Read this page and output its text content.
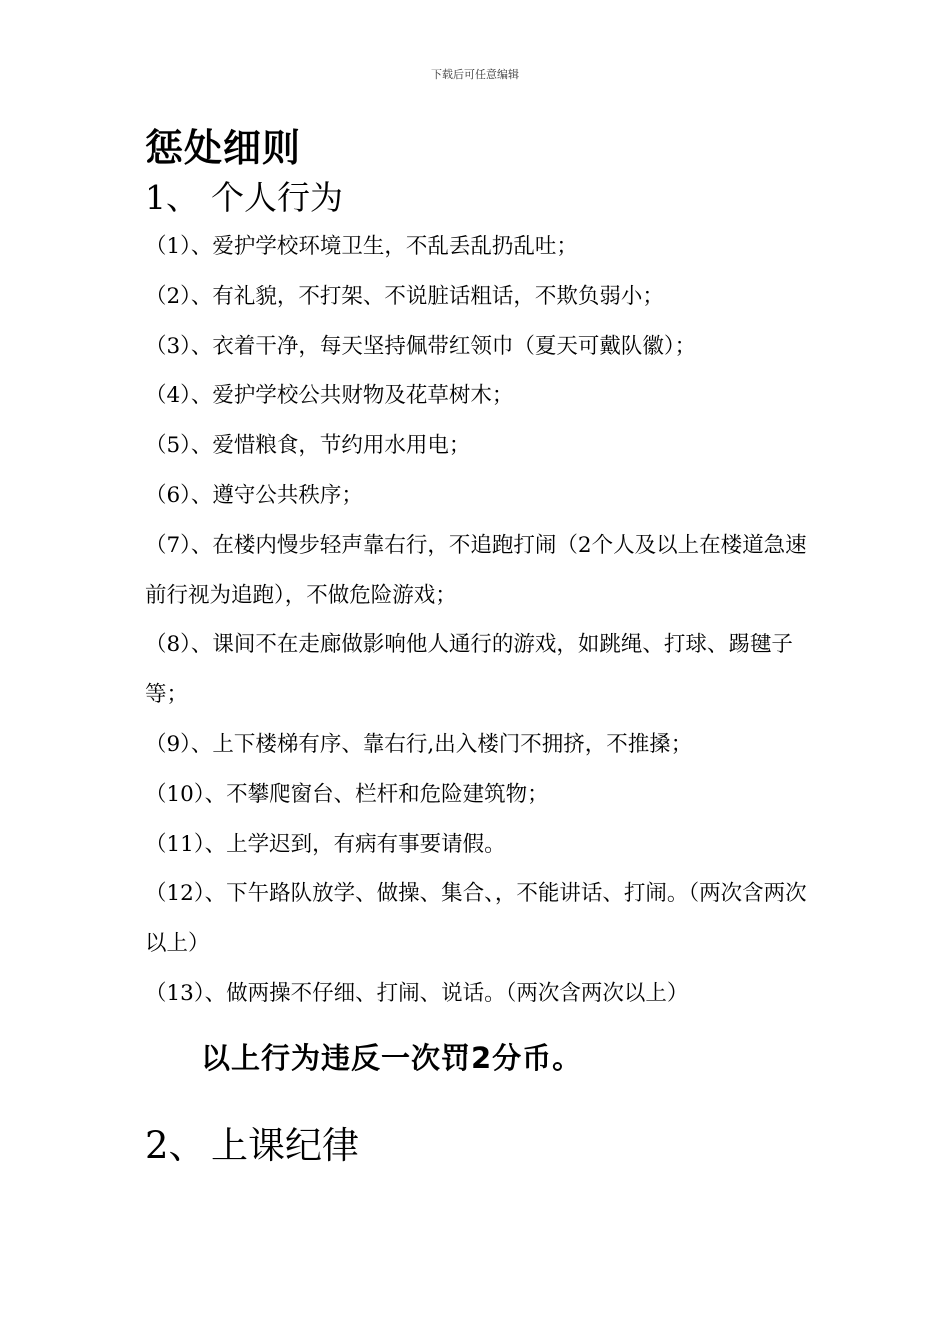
下载后可任意编辑
惩处细则
1、 个人行为
（1）、爱护学校环境卫生，不乱丢乱扔乱吐；
（2）、有礼貌，不打架、不说脏话粗话，不欺负弱小；
（3）、衣着干净，每天坚持佩带红领巾（夏天可戴队徽）；
（4）、爱护学校公共财物及花草树木；
（5）、爱惜粮食，节约用水用电；
（6）、遵守公共秩序；
（7）、在楼内慢步轻声靠右行，不追跑打闹（2个人及以上在楼道急速前行视为追跑），不做危险游戏；
（8）、课间不在走廊做影响他人通行的游戏，如跳绳、打球、踢毽子等；
（9）、上下楼梯有序、靠右行,出入楼门不拥挤，不推搡；
（10）、不攀爬窗台、栏杆和危险建筑物；
（11）、上学迟到，有病有事要请假。
（12）、下午路队放学、做操、集合、，不能讲话、打闹。（两次含两次以上）
（13）、做两操不仔细、打闹、说话。（两次含两次以上）
以上行为违反一次罚2分币。
2、 上课纪律
